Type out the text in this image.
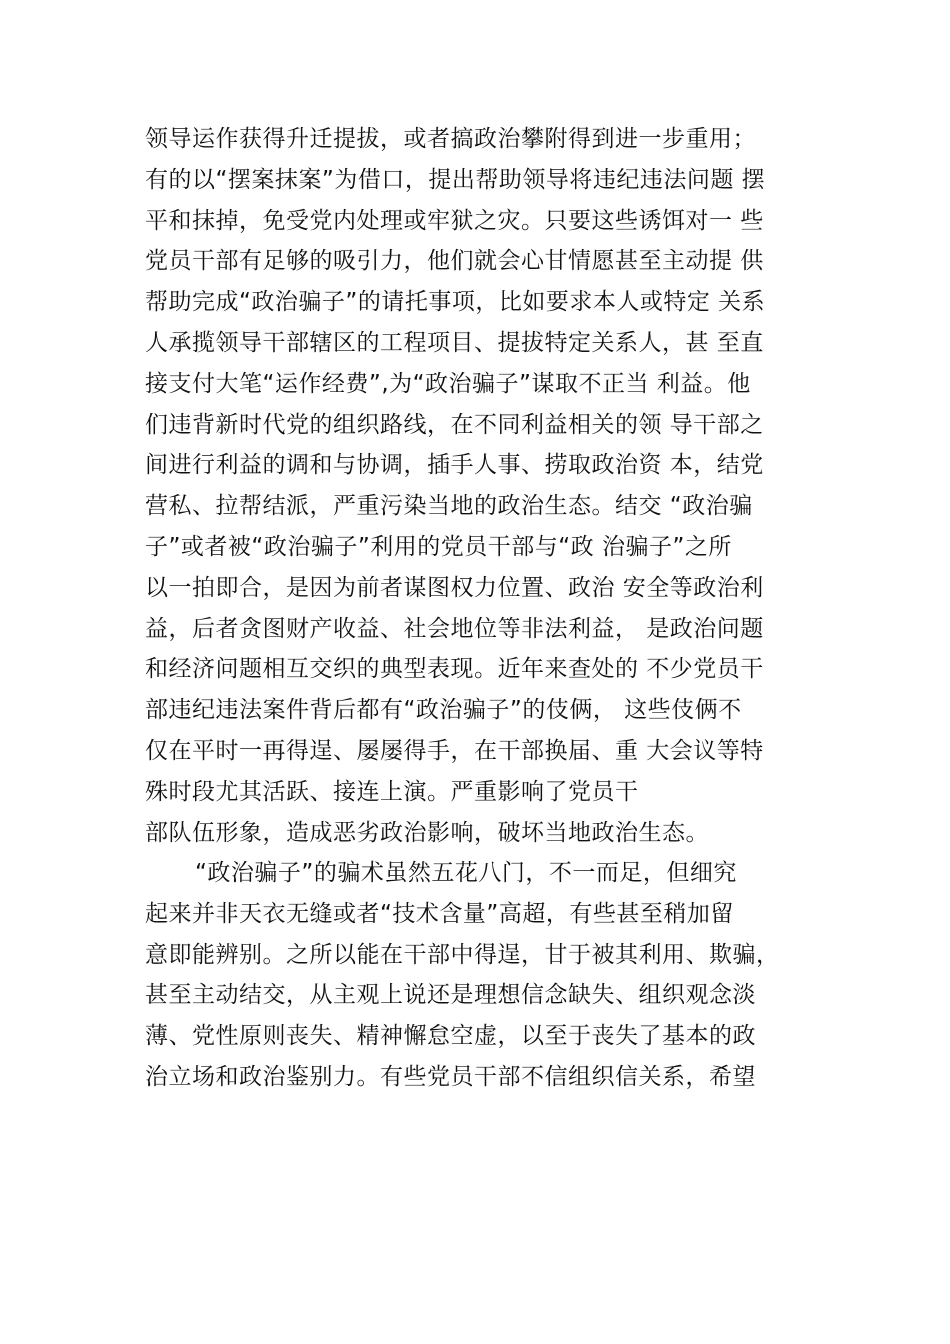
领导运作获得升迁提拔，或者搞政治攀附得到进一步重用；
有的以“摆案抹案”为借口，提出帮助领导将违纪违法问题 摆
平和抹掉，免受党内处理或牢狱之灾。只要这些诱饵对一 些
党员干部有足够的吸引力，他们就会心甘情愿甚至主动提 供
帮助完成“政治骗子”的请托事项，比如要求本人或特定 关系
人承揽领导干部辖区的工程项目、提拔特定关系人，甚 至直
接支付大笔“运作经费”,为“政治骗子”谋取不正当 利益。他
们违背新时代党的组织路线，在不同利益相关的领 导干部之
间进行利益的调和与协调，插手人事、捞取政治资 本，结党
营私、拉帮结派，严重污染当地的政治生态。结交 “政治骗
子”或者被“政治骗子”利用的党员干部与“政 治骗子”之所
以一拍即合，是因为前者谋图权力位置、政治 安全等政治利
益，后者贪图财产收益、社会地位等非法利益， 是政治问题
和经济问题相互交织的典型表现。近年来查处的 不少党员干
部违纪违法案件背后都有“政治骗子”的伎俩， 这些伎俩不
仅在平时一再得逞、屡屡得手，在干部换届、重 大会议等特
殊时段尤其活跃、接连上演。严重影响了党员干
部队伍形象，造成恶劣政治影响，破坏当地政治生态。
“政治骗子”的骗术虽然五花八门，不一而足，但细究
起来并非天衣无缝或者“技术含量”高超，有些甚至稍加留
意即能辨别。之所以能在干部中得逞，甘于被其利用、欺骗，
甚至主动结交，从主观上说还是理想信念缺失、组织观念淡
薄、党性原则丧失、精神懈怠空虚，以至于丧失了基本的政
治立场和政治鉴别力。有些党员干部不信组织信关系，希望
